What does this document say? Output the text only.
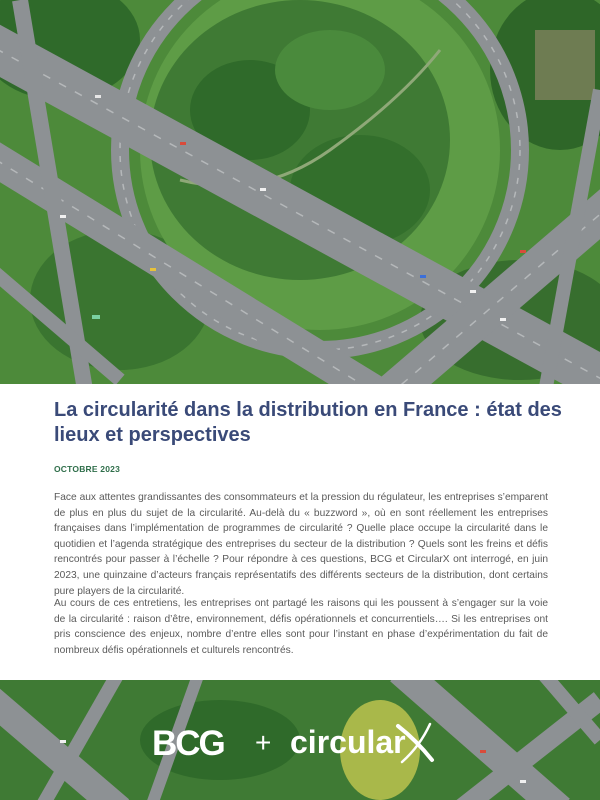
La circularité dans la distribution en France : état des lieux et perspectives

OCTOBRE 2023

Face aux attentes grandissantes des consommateurs et la pression du régulateur, les entreprises s’emparent de plus en plus du sujet de la circularité. Au-delà du « buzzword », où en sont réellement les entreprises françaises dans l’implémentation de programmes de circularité ? Quelle place occupe la circularité dans le quotidien et l’agenda stratégique des entreprises du secteur de la distribution ? Quels sont les freins et défis rencontrés pour passer à l’échelle ? Pour répondre à ces questions, BCG et CircularX ont interrogé, en juin 2023, une quinzaine d’acteurs français représentatifs des différents secteurs de la distribution, dont certains pure players de la circularité.

Au cours de ces entretiens, les entreprises ont partagé les raisons qui les poussent à s’engager sur la voie de la circularité : raison d’être, environnement, défis opérationnels et concurrentiels…. Si les entreprises ont pris conscience des enjeux, nombre d’entre elles sont pour l’instant en phase d’expérimentation du fait de nombreux défis opérationnels et culturels rencontrés.

BCG + circular
